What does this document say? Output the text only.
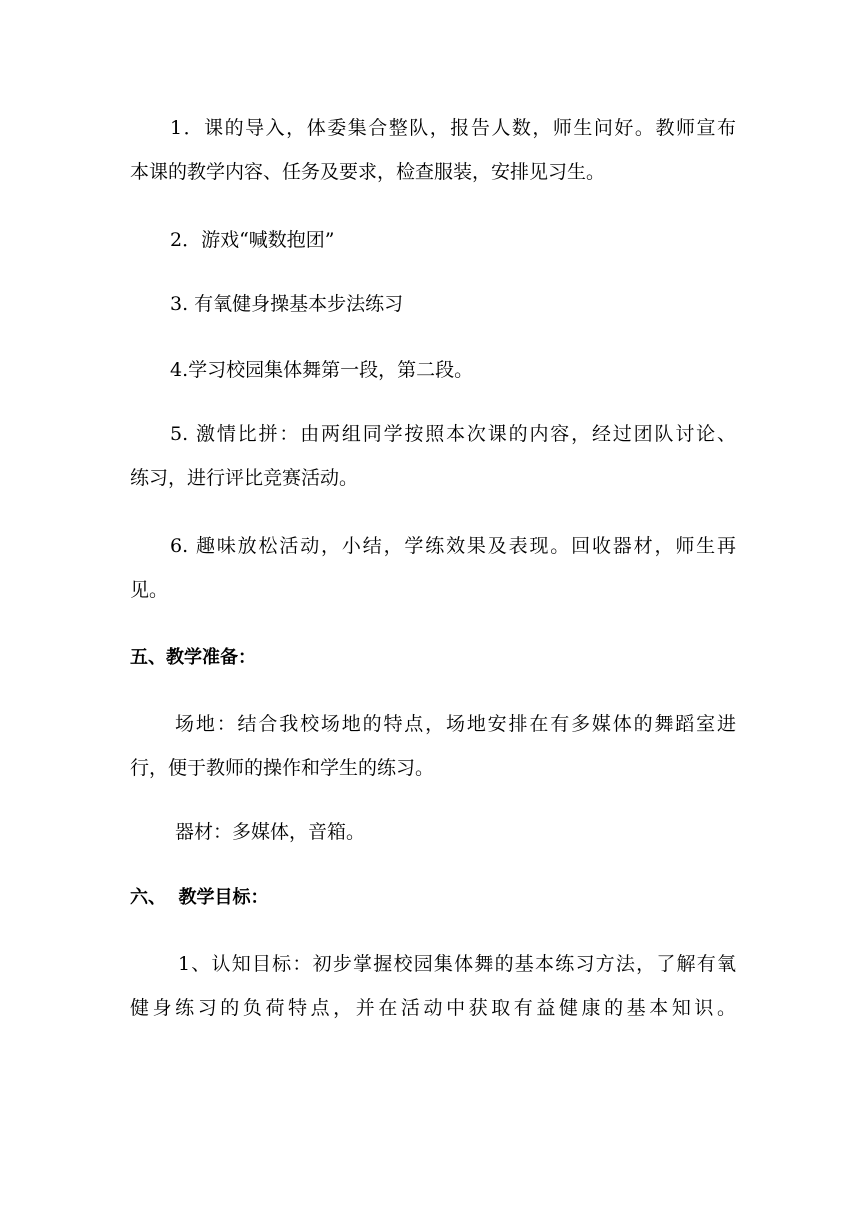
1．课的导入，体委集合整队，报告人数，师生问好。教师宣布
本课的教学内容、任务及要求，检查服装，安排见习生。
2．游戏“喊数抱团”
3. 有氧健身操基本步法练习
4.学习校园集体舞第一段，第二段。
5. 激情比拼：由两组同学按照本次课的内容，经过团队讨论、
练习，进行评比竞赛活动。
6. 趣味放松活动，小结，学练效果及表现。回收器材，师生再
见。
五、教学准备：
场地：结合我校场地的特点，场地安排在有多媒体的舞蹈室进
行，便于教师的操作和学生的练习。
器材：多媒体，音箱。
六、  教学目标：
1、认知目标：初步掌握校园集体舞的基本练习方法，了解有氧
健身练习的负荷特点，并在活动中获取有益健康的基本知识。
